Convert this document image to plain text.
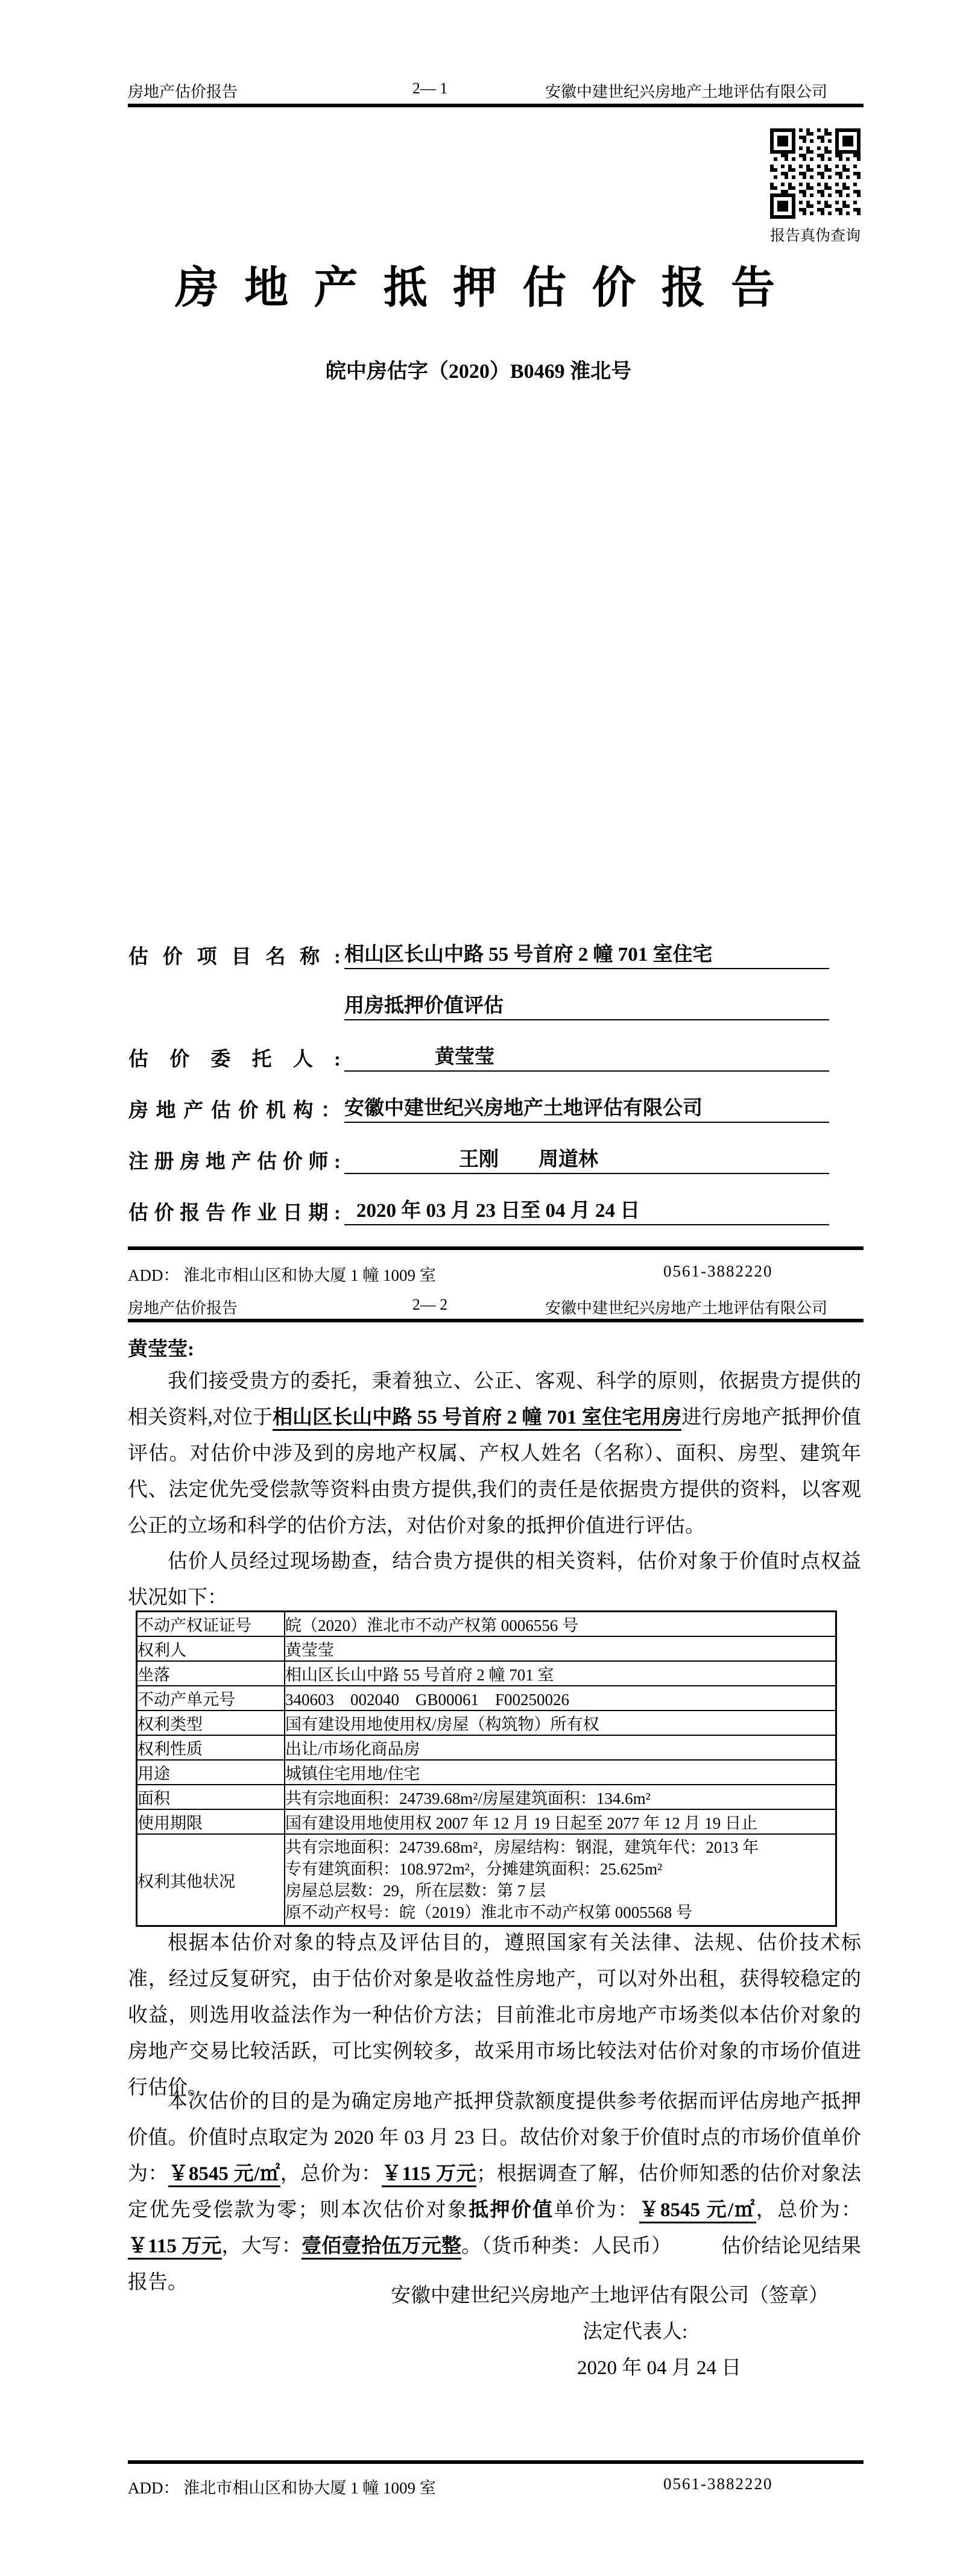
房地产估价报告	2— 1	安徽中建世纪兴房地产土地评估有限公司
报告真伪查询
房 地 产 抵 押 估 价 报 告
皖中房估字（2020）B0469 淮北号
估 价 项 目 名 称 : 相山区长山中路 55 号首府 2 幢 701 室住宅
用房抵押价值评估
估 价 委 托 人 :	黄莹莹
房地产估价机构： 安徽中建世纪兴房地产土地评估有限公司
注册房地产估价师:	王刚　　周道林
估价报告作业日期: 2020 年 03 月 23 日至 04 月 24 日
ADD： 淮北市相山区和协大厦 1 幢 1009 室	0561-3882220
房地产估价报告	2— 2	安徽中建世纪兴房地产土地评估有限公司
黄莹莹:
我们接受贵方的委托，秉着独立、公正、客观、科学的原则，依据贵方提供的相关资料,对位于相山区长山中路 55 号首府 2 幢 701 室住宅用房进行房地产抵押价值评估。对估价中涉及到的房地产权属、产权人姓名（名称）、面积、房型、建筑年代、法定优先受偿款等资料由贵方提供,我们的责任是依据贵方提供的资料，以客观公正的立场和科学的估价方法，对估价对象的抵押价值进行评估。
估价人员经过现场勘查，结合贵方提供的相关资料，估价对象于价值时点权益状况如下：
不动产权证证号	皖（2020）淮北市不动产权第 0006556 号
权利人	黄莹莹
坐落	相山区长山中路 55 号首府 2 幢 701 室
不动产单元号	340603　002040　GB00061　F00250026
权利类型	国有建设用地使用权/房屋（构筑物）所有权
权利性质	出让/市场化商品房
用途	城镇住宅用地/住宅
面积	共有宗地面积：24739.68m²/房屋建筑面积：134.6m²
使用期限	国有建设用地使用权 2007 年 12 月 19 日起至 2077 年 12 月 19 日止
权利其他状况	共有宗地面积：24739.68m²，房屋结构：钢混，建筑年代：2013 年
专有建筑面积：108.972m²，分摊建筑面积：25.625m²
房屋总层数：29，所在层数：第 7 层
原不动产权号：皖（2019）淮北市不动产权第 0005568 号
根据本估价对象的特点及评估目的，遵照国家有关法律、法规、估价技术标准，经过反复研究，由于估价对象是收益性房地产，可以对外出租，获得较稳定的收益，则选用收益法作为一种估价方法；目前淮北市房地产市场类似本估价对象的房地产交易比较活跃，可比实例较多，故采用市场比较法对估价对象的市场价值进行估价。
本次估价的目的是为确定房地产抵押贷款额度提供参考依据而评估房地产抵押价值。价值时点取定为 2020 年 03 月 23 日。故估价对象于价值时点的市场价值单价为：￥8545 元/㎡，总价为：￥115 万元；根据调查了解，估价师知悉的估价对象法定优先受偿款为零；则本次估价对象抵押价值单价为：￥8545 元/㎡，总价为：￥115 万元，大写：壹佰壹拾伍万元整。（货币种类：人民币）　　　估价结论见结果报告。
安徽中建世纪兴房地产土地评估有限公司（签章）
法定代表人:
2020 年 04 月 24 日
ADD： 淮北市相山区和协大厦 1 幢 1009 室	0561-3882220
